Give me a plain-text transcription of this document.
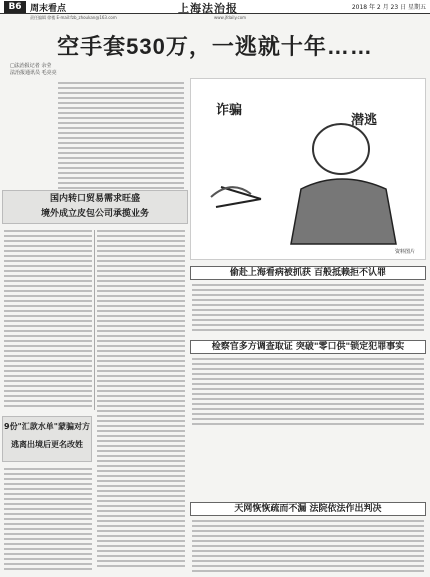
B6 周末看点	上海法治报	2018 年 2 月 23 日 星期五
责任编辑 徐楼 E-mail:fzb_zhoukan@163.com	www.jfdaily.com
空手套530万，一逃就十年……
□法治报记者 余莹
法治报通讯员 毛亮亮
诈骗
潜逃
资料图片
国内转口贸易需求旺盛
境外成立皮包公司承揽业务
9份"汇款水单"蒙骗对方
逃离出境后更名改姓
偷赴上海看病被抓获 百般抵赖拒不认罪
检察官多方调查取证 突破"零口供"锁定犯罪事实
天网恢恢疏而不漏 法院依法作出判决
